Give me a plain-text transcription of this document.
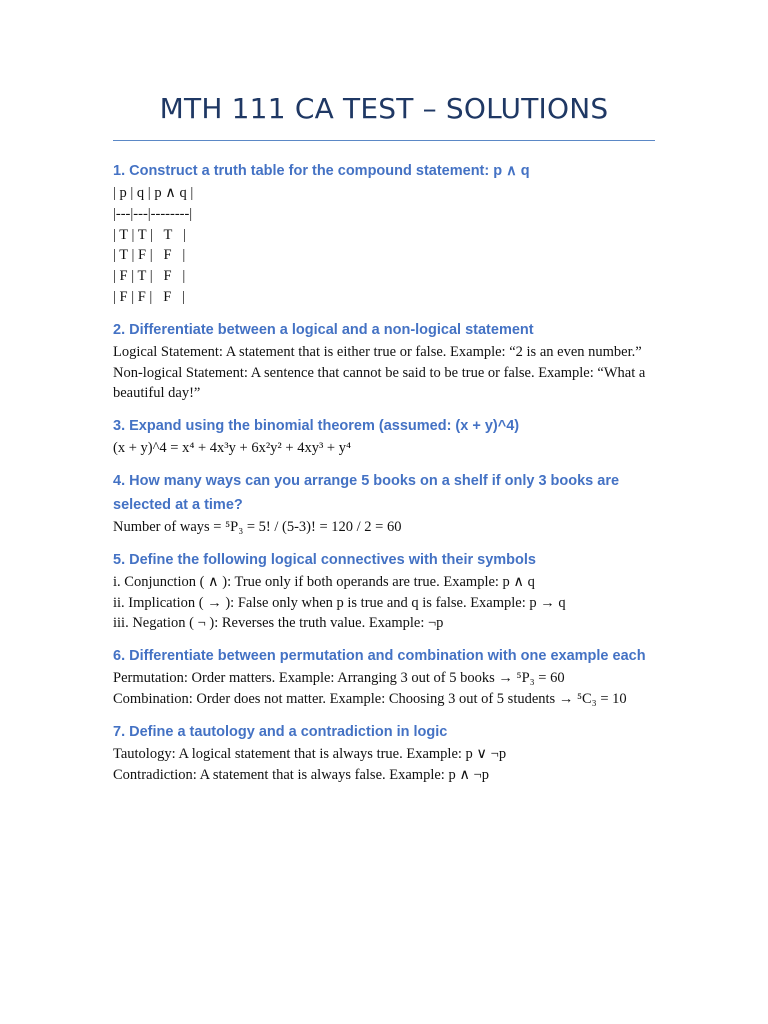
MTH 111 CA TEST – SOLUTIONS

1. Construct a truth table for the compound statement: p ∧ q

| p | q | p ∧ q |

|---|---|--------|

| T | T |   T   |

| T | F |   F   |

| F | T |   F   |

| F | F |   F   |

2. Differentiate between a logical and a non-logical statement

Logical Statement: A statement that is either true or false. Example: “2 is an even number.”

Non-logical Statement: A sentence that cannot be said to be true or false. Example: “What a beautiful day!”

3. Expand using the binomial theorem (assumed: (x + y)^4)

(x + y)^4 = x⁴ + 4x³y + 6x²y² + 4xy³ + y⁴

4. How many ways can you arrange 5 books on a shelf if only 3 books are selected at a time?

Number of ways = ⁵P₃ = 5! / (5-3)! = 120 / 2 = 60

5. Define the following logical connectives with their symbols

i. Conjunction ( ∧ ): True only if both operands are true. Example: p ∧ q

ii. Implication ( → ): False only when p is true and q is false. Example: p → q

iii. Negation ( ¬ ): Reverses the truth value. Example: ¬p

6. Differentiate between permutation and combination with one example each

Permutation: Order matters. Example: Arranging 3 out of 5 books → ⁵P₃ = 60

Combination: Order does not matter. Example: Choosing 3 out of 5 students → ⁵C₃ = 10

7. Define a tautology and a contradiction in logic

Tautology: A logical statement that is always true. Example: p ∨ ¬p

Contradiction: A statement that is always false. Example: p ∧ ¬p
